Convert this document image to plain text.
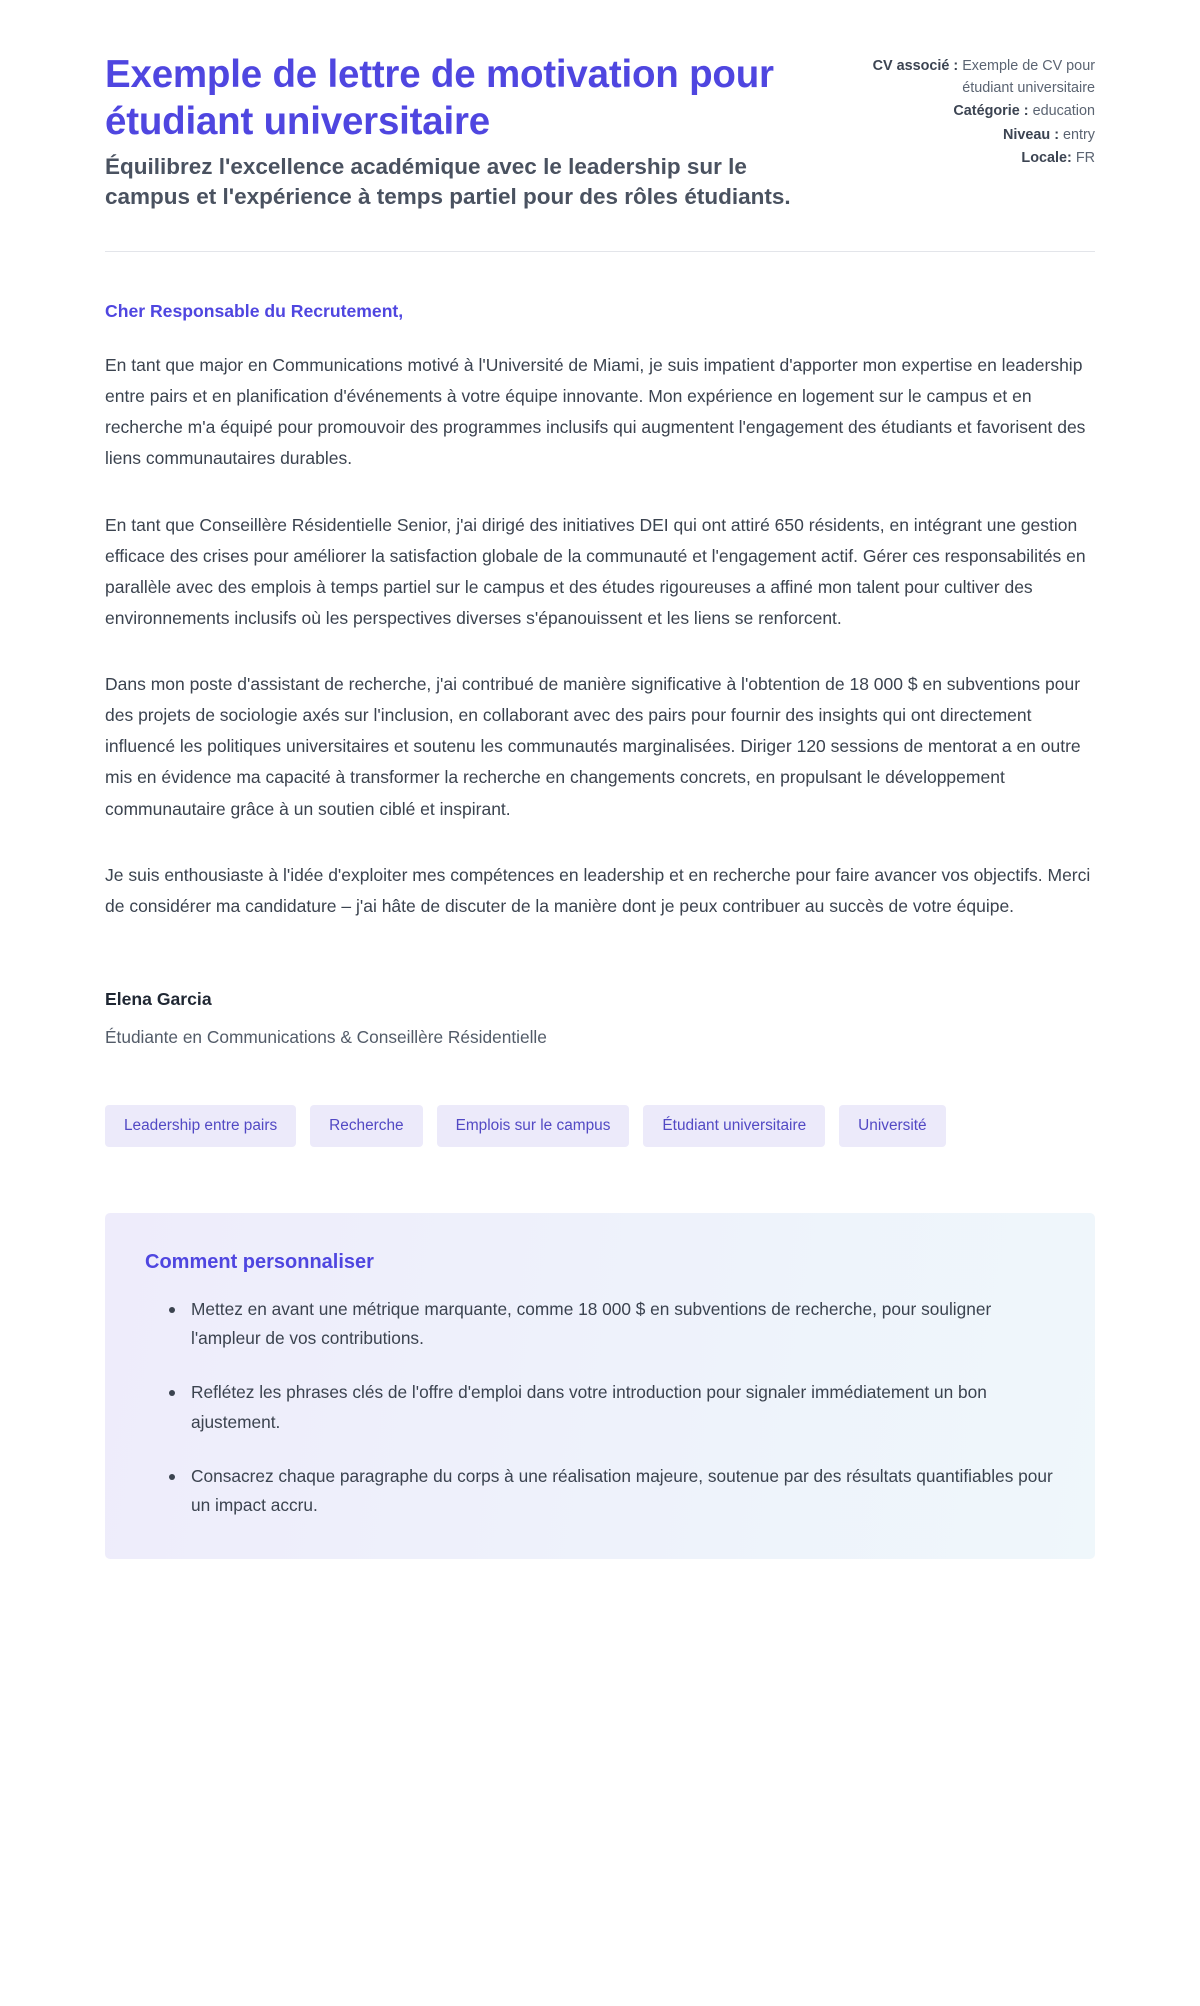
Exemple de lettre de motivation pour étudiant universitaire

Équilibrez l'excellence académique avec le leadership sur le campus et l'expérience à temps partiel pour des rôles étudiants.

CV associé : Exemple de CV pour étudiant universitaire

Catégorie : education

Niveau : entry

Locale: FR

Cher Responsable du Recrutement,

En tant que major en Communications motivé à l'Université de Miami, je suis impatient d'apporter mon expertise en leadership entre pairs et en planification d'événements à votre équipe innovante. Mon expérience en logement sur le campus et en recherche m'a équipé pour promouvoir des programmes inclusifs qui augmentent l'engagement des étudiants et favorisent des liens communautaires durables.

En tant que Conseillère Résidentielle Senior, j'ai dirigé des initiatives DEI qui ont attiré 650 résidents, en intégrant une gestion efficace des crises pour améliorer la satisfaction globale de la communauté et l'engagement actif. Gérer ces responsabilités en parallèle avec des emplois à temps partiel sur le campus et des études rigoureuses a affiné mon talent pour cultiver des environnements inclusifs où les perspectives diverses s'épanouissent et les liens se renforcent.

Dans mon poste d'assistant de recherche, j'ai contribué de manière significative à l'obtention de 18 000 $ en subventions pour des projets de sociologie axés sur l'inclusion, en collaborant avec des pairs pour fournir des insights qui ont directement influencé les politiques universitaires et soutenu les communautés marginalisées. Diriger 120 sessions de mentorat a en outre mis en évidence ma capacité à transformer la recherche en changements concrets, en propulsant le développement communautaire grâce à un soutien ciblé et inspirant.

Je suis enthousiaste à l'idée d'exploiter mes compétences en leadership et en recherche pour faire avancer vos objectifs. Merci de considérer ma candidature – j'ai hâte de discuter de la manière dont je peux contribuer au succès de votre équipe.

Elena Garcia

Étudiante en Communications & Conseillère Résidentielle

Leadership entre pairs	Recherche	Emplois sur le campus	Étudiant universitaire	Université
Comment personnaliser
Mettez en avant une métrique marquante, comme 18 000 $ en subventions de recherche, pour souligner l'ampleur de vos contributions.
Reflétez les phrases clés de l'offre d'emploi dans votre introduction pour signaler immédiatement un bon ajustement.
Consacrez chaque paragraphe du corps à une réalisation majeure, soutenue par des résultats quantifiables pour un impact accru.
